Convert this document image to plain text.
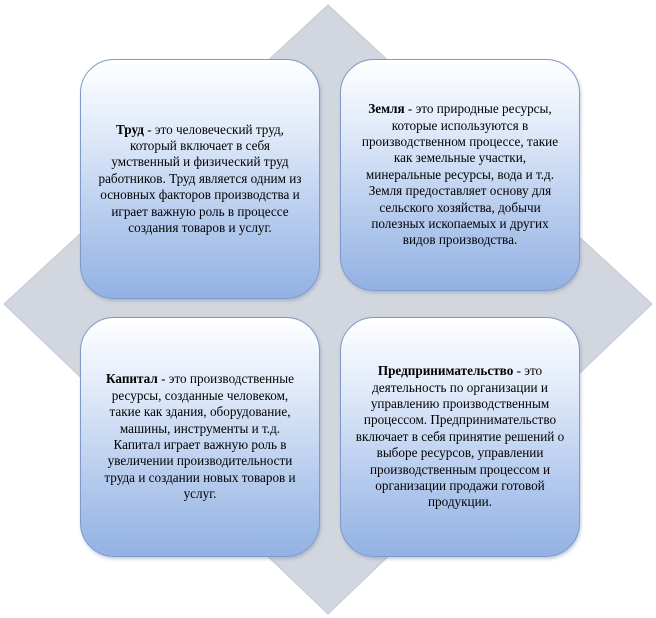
Труд - это человеческий труд, который включает в себя умственный и физический труд работников. Труд является одним из основных факторов производства и играет важную роль в процессе создания товаров и услуг.
Земля - это природные ресурсы, которые используются в производственном процессе, такие как земельные участки, минеральные ресурсы, вода и т.д. Земля предоставляет основу для сельского хозяйства, добычи полезных ископаемых и других видов производства.
Капитал - это производственные ресурсы, созданные человеком, такие как здания, оборудование, машины, инструменты и т.д. Капитал играет важную роль в увеличении производительности труда и создании новых товаров и услуг.
Предпринимательство - это деятельность по организации и управлению производственным процессом. Предпринимательство включает в себя принятие решений о выборе ресурсов, управлении производственным процессом и организации продажи готовой продукции.
